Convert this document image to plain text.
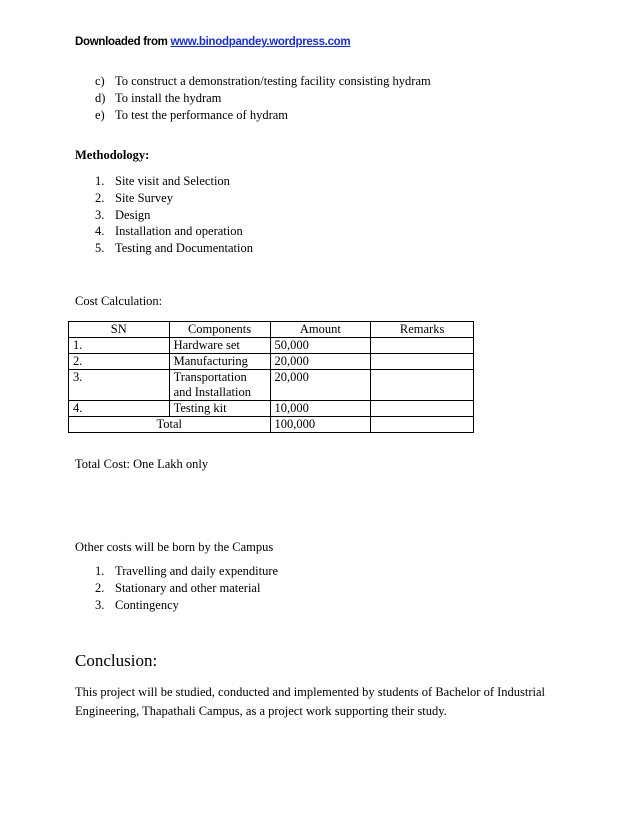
Downloaded from www.binodpandey.wordpress.com
c) To construct a demonstration/testing facility consisting hydram
d) To install the hydram
e) To test the performance of hydram
Methodology:
1. Site visit and Selection
2. Site Survey
3. Design
4. Installation and operation
5. Testing and Documentation
Cost Calculation:
SN	Components	Amount	Remarks
1.	Hardware set	50,000	
2.	Manufacturing	20,000	
3.	Transportation and Installation	20,000	
4.	Testing kit	10,000	
Total		100,000	
Total Cost: One Lakh only
Other costs will be born by the Campus
1. Travelling and daily expenditure
2. Stationary and other material
3. Contingency
Conclusion:
This project will be studied, conducted and implemented by students of Bachelor of Industrial Engineering, Thapathali Campus, as a project work supporting their study.
